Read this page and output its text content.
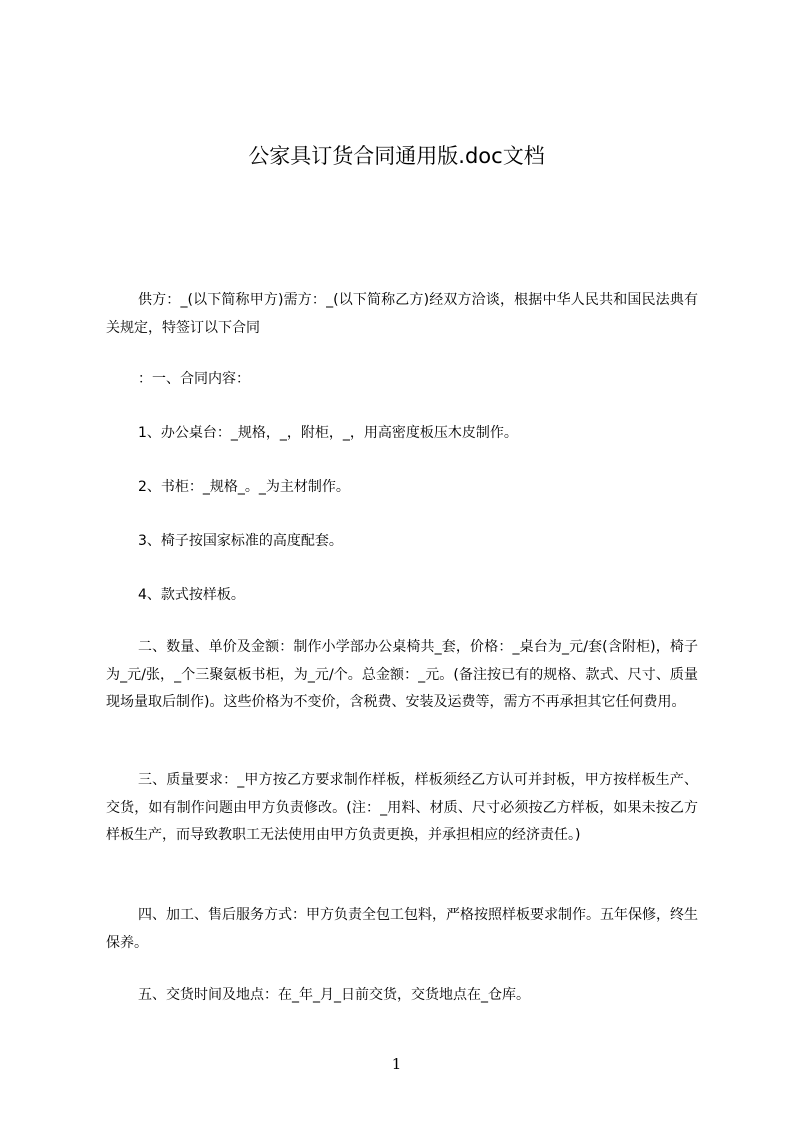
公家具订货合同通用版.doc文档
供方：_(以下简称甲方)需方：_(以下简称乙方)经双方洽谈，根据中华人民共和国民法典有关规定，特签订以下合同
：一、合同内容：
1、办公桌台：_规格，_，附柜，_，用高密度板压木皮制作。
2、书柜：_规格_。_为主材制作。
3、椅子按国家标准的高度配套。
4、款式按样板。
二、数量、单价及金额：制作小学部办公桌椅共_套，价格：_桌台为_元/套(含附柜)，椅子为_元/张，_个三聚氨板书柜，为_元/个。总金额：_元。(备注按已有的规格、款式、尺寸、质量现场量取后制作)。这些价格为不变价，含税费、安装及运费等，需方不再承担其它任何费用。
三、质量要求：_甲方按乙方要求制作样板，样板须经乙方认可并封板，甲方按样板生产、交货，如有制作问题由甲方负责修改。(注：_用料、材质、尺寸必须按乙方样板，如果未按乙方样板生产，而导致教职工无法使用由甲方负责更换，并承担相应的经济责任。)
四、加工、售后服务方式：甲方负责全包工包料，严格按照样板要求制作。五年保修，终生保养。
五、交货时间及地点：在_年_月_日前交货，交货地点在_仓库。
1
